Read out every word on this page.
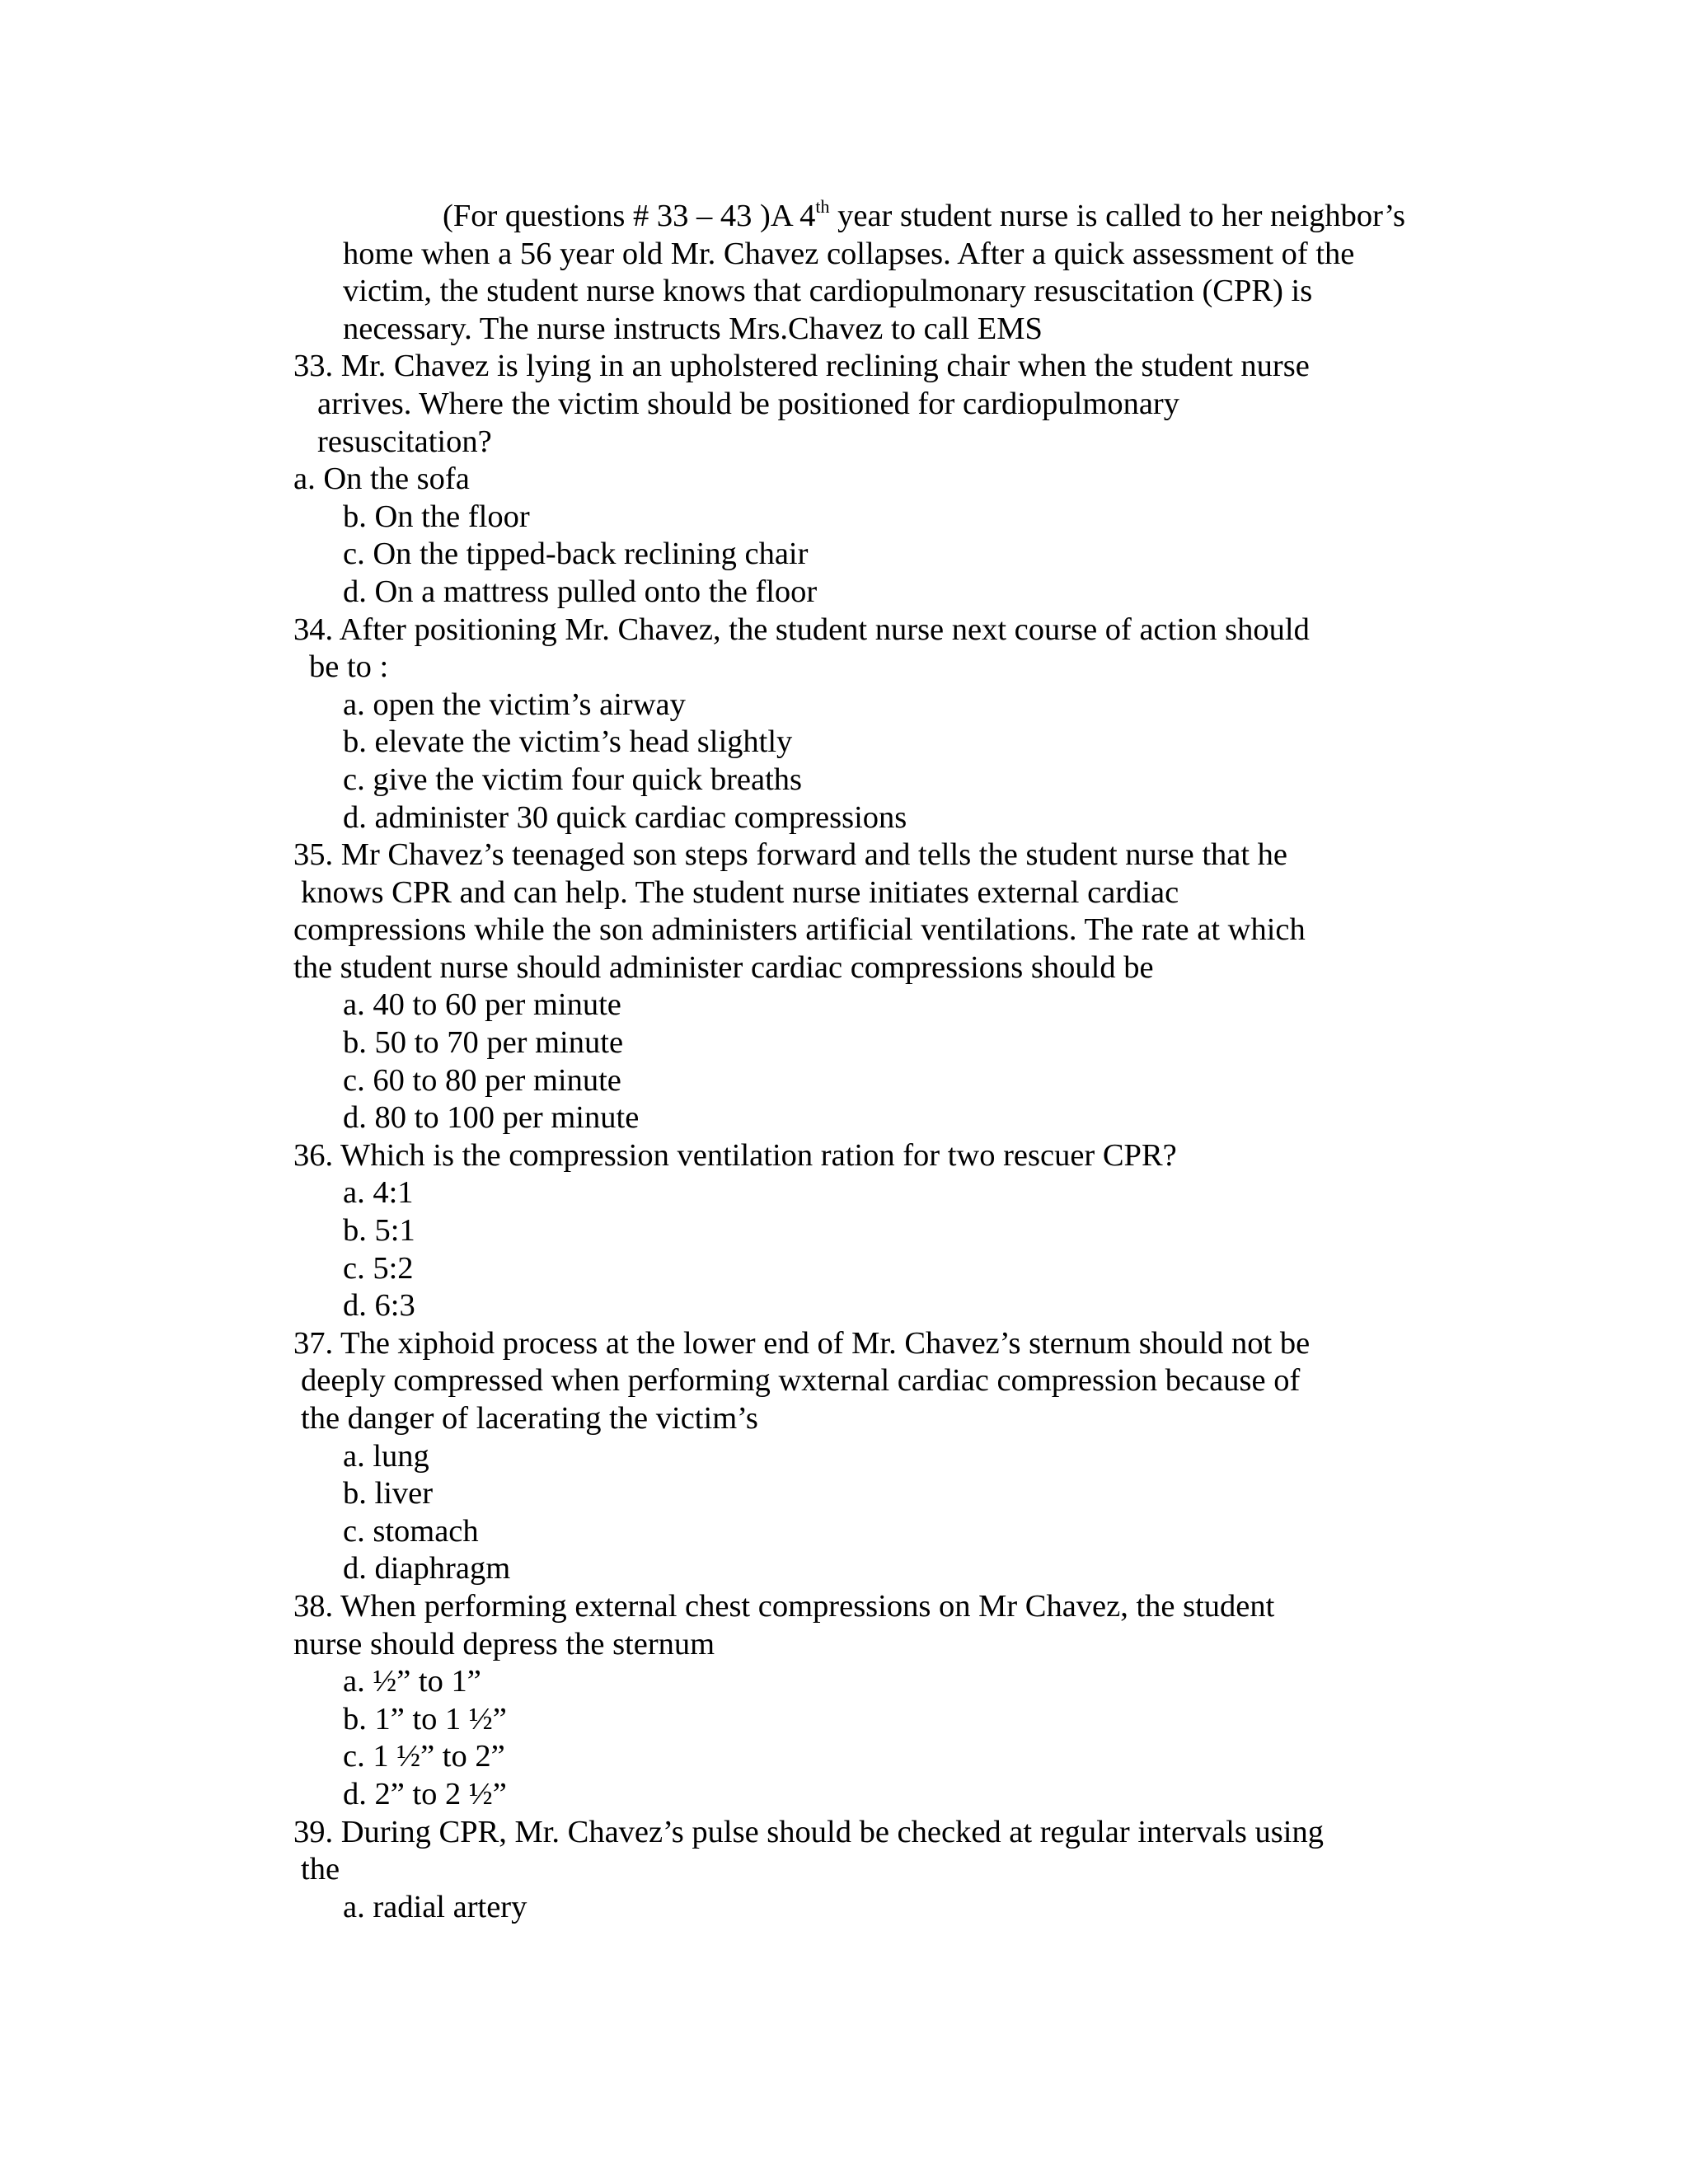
(For questions # 33 – 43 )A 4th year student nurse is called to her neighbor’s
home when a 56 year old Mr. Chavez collapses. After a quick assessment of the
victim, the student nurse knows that cardiopulmonary resuscitation (CPR) is
necessary. The nurse instructs Mrs.Chavez to call EMS
33. Mr. Chavez is lying in an upholstered reclining chair when the student nurse
arrives. Where the victim should be positioned for cardiopulmonary
resuscitation?
a. On the sofa
b. On the floor
c. On the tipped-back reclining chair
d. On a mattress pulled onto the floor
34. After positioning Mr. Chavez, the student nurse next course of action should
be to :
a. open the victim’s airway
b. elevate the victim’s head slightly
c. give the victim four quick breaths
d. administer 30 quick cardiac compressions
35. Mr Chavez’s teenaged son steps forward and tells the student nurse that he
knows CPR and can help. The student nurse initiates external cardiac
compressions while the son administers artificial ventilations. The rate at which
the student nurse should administer cardiac compressions should be
a. 40 to 60 per minute
b. 50 to 70 per minute
c. 60 to 80 per minute
d. 80 to 100 per minute
36. Which is the compression ventilation ration for two rescuer CPR?
a. 4:1
b. 5:1
c. 5:2
d. 6:3
37. The xiphoid process at the lower end of Mr. Chavez’s sternum should not be
deeply compressed when performing wxternal cardiac compression because of
the danger of lacerating the victim’s
a. lung
b. liver
c. stomach
d. diaphragm
38. When performing external chest compressions on Mr Chavez, the student
nurse should depress the sternum
a. ½” to 1”
b. 1” to 1 ½”
c. 1 ½” to 2”
d. 2” to 2 ½”
39. During CPR, Mr. Chavez’s pulse should be checked at regular intervals using
the
a. radial artery
